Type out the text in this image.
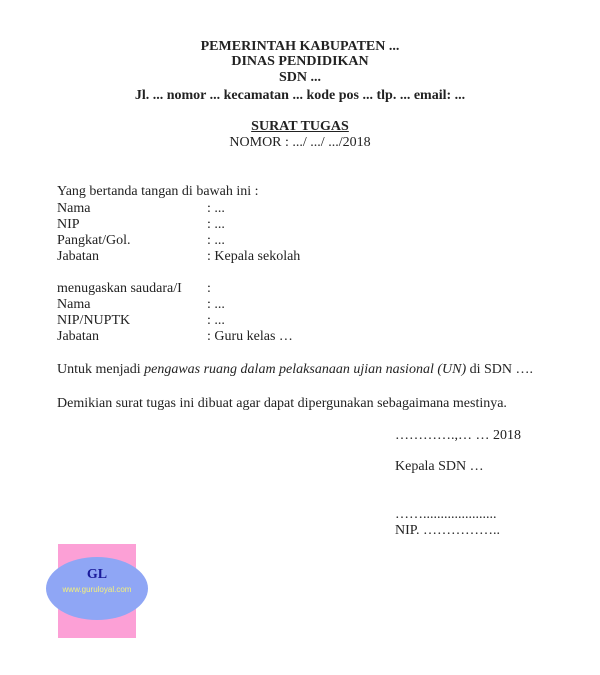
PEMERINTAH KABUPATEN ...
DINAS PENDIDIKAN
SDN ...
Jl. ... nomor ... kecamatan ... kode pos ... tlp. ... email: ...
SURAT TUGAS
NOMOR : .../ .../ .../2018
Yang bertanda tangan di bawah ini :
Nama	: ...
NIP	: ...
Pangkat/Gol.	: ...
Jabatan	: Kepala sekolah
menugaskan saudara/I :
Nama	: ...
NIP/NUPTK	: ...
Jabatan	: Guru kelas …
Untuk menjadi pengawas ruang dalam pelaksanaan ujian nasional (UN) di SDN ….
Demikian surat tugas ini dibuat agar dapat dipergunakan sebagaimana mestinya.
………….,… … 2018
Kepala SDN …
…….....................
NIP. ……………..
GL
www.guruloyal.com
